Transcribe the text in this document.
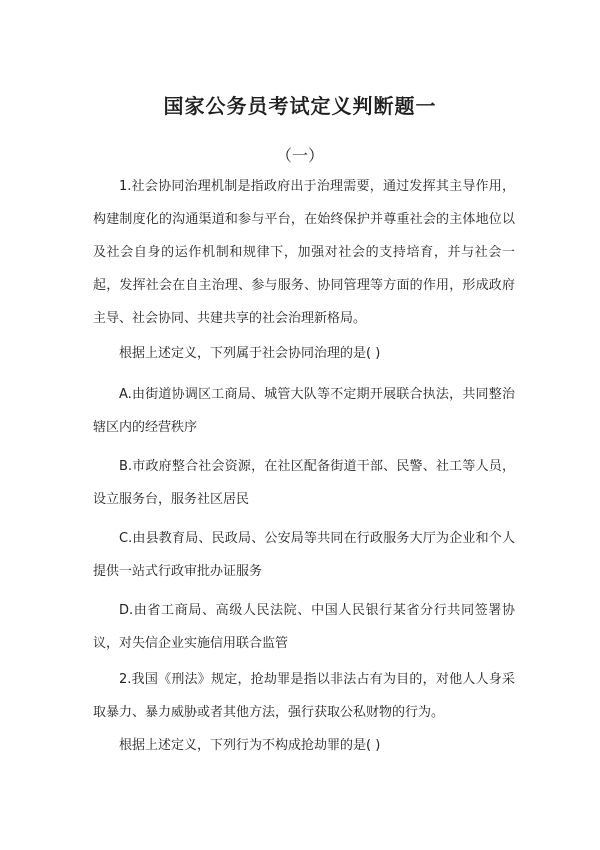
国家公务员考试定义判断题一
（一）

1.社会协同治理机制是指政府出于治理需要，通过发挥其主导作用，构建制度化的沟通渠道和参与平台，在始终保护并尊重社会的主体地位以及社会自身的运作机制和规律下，加强对社会的支持培育，并与社会一起，发挥社会在自主治理、参与服务、协同管理等方面的作用，形成政府主导、社会协同、共建共享的社会治理新格局。

根据上述定义，下列属于社会协同治理的是( )

A.由街道协调区工商局、城管大队等不定期开展联合执法，共同整治辖区内的经营秩序

B.市政府整合社会资源，在社区配备街道干部、民警、社工等人员，设立服务台，服务社区居民

C.由县教育局、民政局、公安局等共同在行政服务大厅为企业和个人提供一站式行政审批办证服务

D.由省工商局、高级人民法院、中国人民银行某省分行共同签署协议，对失信企业实施信用联合监管

2.我国《刑法》规定，抢劫罪是指以非法占有为目的，对他人人身采取暴力、暴力威胁或者其他方法，强行获取公私财物的行为。

根据上述定义，下列行为不构成抢劫罪的是( )
